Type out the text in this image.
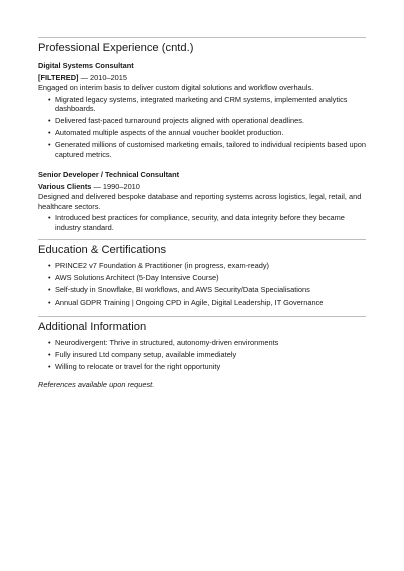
Professional Experience (cntd.)

Digital Systems Consultant

[FILTERED] — 2010–2015

Engaged on interim basis to deliver custom digital solutions and workflow overhauls.

• Migrated legacy systems, integrated marketing and CRM systems, implemented analytics dashboards.
• Delivered fast-paced turnaround projects aligned with operational deadlines.
• Automated multiple aspects of the annual voucher booklet production.
• Generated millions of customised marketing emails, tailored to individual recipients based upon captured metrics.

Senior Developer / Technical Consultant

Various Clients — 1990–2010

Designed and delivered bespoke database and reporting systems across logistics, legal, retail, and healthcare sectors.

• Introduced best practices for compliance, security, and data integrity before they became industry standard.
Education & Certifications
• PRINCE2 v7 Foundation & Practitioner (in progress, exam-ready)
• AWS Solutions Architect (5-Day Intensive Course)
• Self-study in Snowflake, BI workflows, and AWS Security/Data Specialisations
• Annual GDPR Training | Ongoing CPD in Agile, Digital Leadership, IT Governance
Additional Information
• Neurodivergent: Thrive in structured, autonomy-driven environments
• Fully insured Ltd company setup, available immediately
• Willing to relocate or travel for the right opportunity

References available upon request.
